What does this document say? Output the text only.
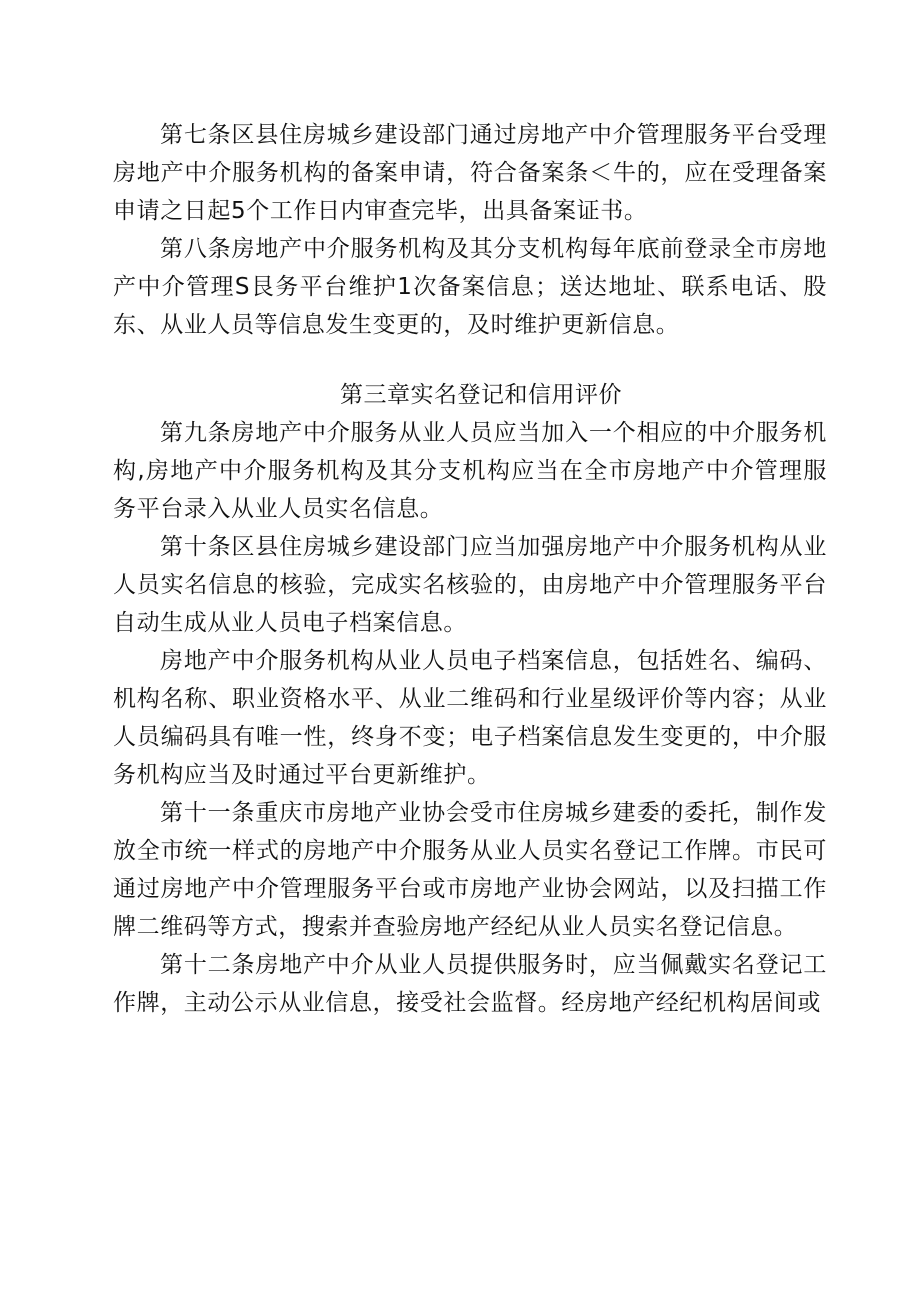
第七条区县住房城乡建设部门通过房地产中介管理服务平台受理房地产中介服务机构的备案申请，符合备案条＜牛的，应在受理备案申请之日起5个工作日内审查完毕，出具备案证书。

第八条房地产中介服务机构及其分支机构每年底前登录全市房地产中介管理S艮务平台维护1次备案信息；送达地址、联系电话、股东、从业人员等信息发生变更的，及时维护更新信息。

第三章实名登记和信用评价

第九条房地产中介服务从业人员应当加入一个相应的中介服务机构,房地产中介服务机构及其分支机构应当在全市房地产中介管理服务平台录入从业人员实名信息。

第十条区县住房城乡建设部门应当加强房地产中介服务机构从业人员实名信息的核验，完成实名核验的，由房地产中介管理服务平台自动生成从业人员电子档案信息。

房地产中介服务机构从业人员电子档案信息，包括姓名、编码、机构名称、职业资格水平、从业二维码和行业星级评价等内容；从业人员编码具有唯一性，终身不变；电子档案信息发生变更的，中介服务机构应当及时通过平台更新维护。

第十一条重庆市房地产业协会受市住房城乡建委的委托，制作发放全市统一样式的房地产中介服务从业人员实名登记工作牌。市民可通过房地产中介管理服务平台或市房地产业协会网站，以及扫描工作牌二维码等方式，搜索并查验房地产经纪从业人员实名登记信息。

第十二条房地产中介从业人员提供服务时，应当佩戴实名登记工作牌，主动公示从业信息，接受社会监督。经房地产经纪机构居间或
